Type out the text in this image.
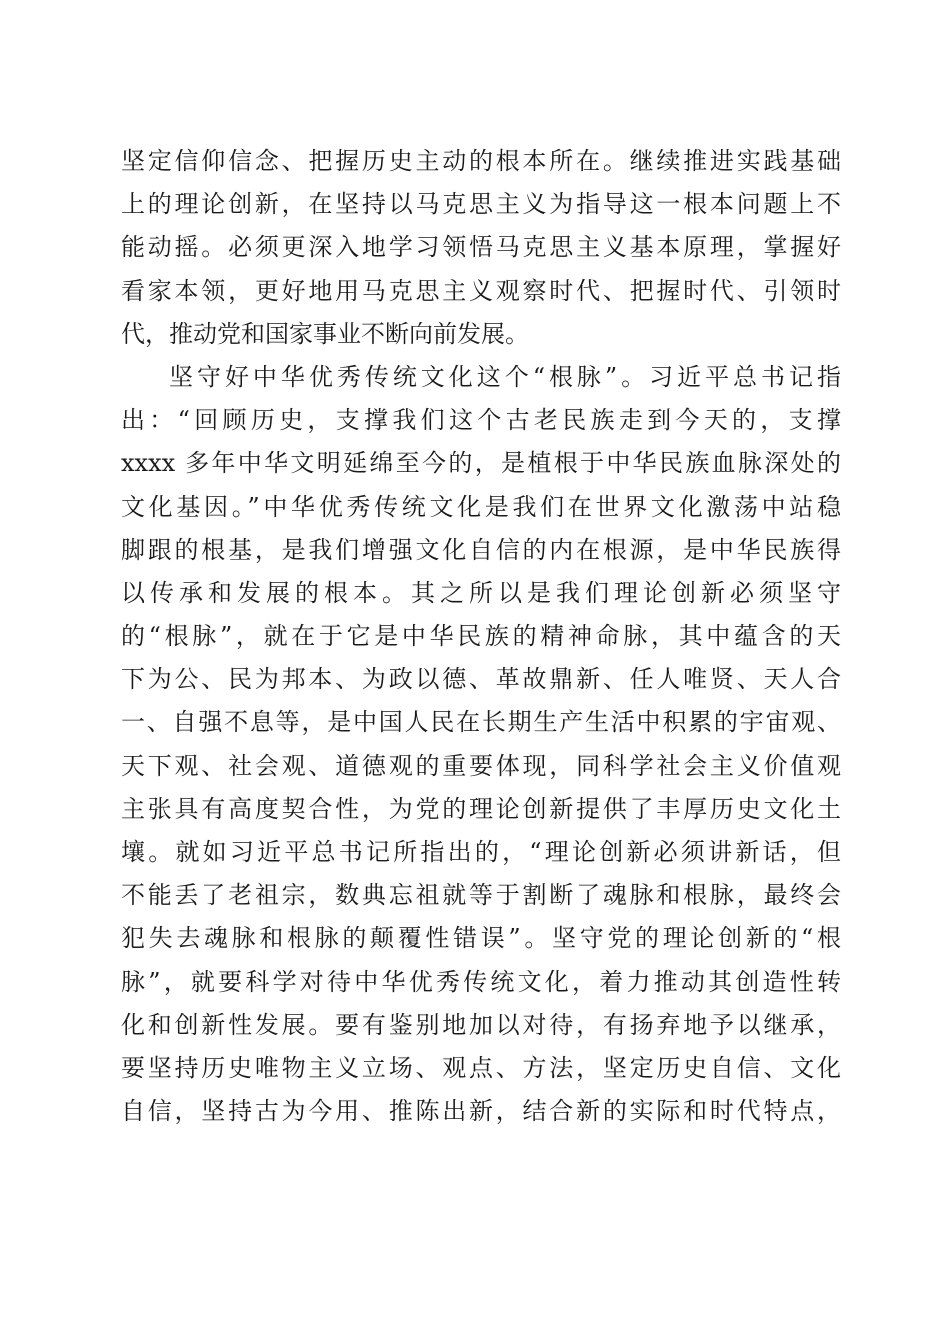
坚定信仰信念、把握历史主动的根本所在。继续推进实践基础
上的理论创新，在坚持以马克思主义为指导这一根本问题上不
能动摇。必须更深入地学习领悟马克思主义基本原理，掌握好
看家本领，更好地用马克思主义观察时代、把握时代、引领时
代，推动党和国家事业不断向前发展。
坚守好中华优秀传统文化这个“根脉”。习近平总书记指
出：“回顾历史，支撑我们这个古老民族走到今天的，支撑
xxxx 多年中华文明延绵至今的，是植根于中华民族血脉深处的
文化基因。”中华优秀传统文化是我们在世界文化激荡中站稳
脚跟的根基，是我们增强文化自信的内在根源，是中华民族得
以传承和发展的根本。其之所以是我们理论创新必须坚守
的“根脉”，就在于它是中华民族的精神命脉，其中蕴含的天
下为公、民为邦本、为政以德、革故鼎新、任人唯贤、天人合
一、自强不息等，是中国人民在长期生产生活中积累的宇宙观、
天下观、社会观、道德观的重要体现，同科学社会主义价值观
主张具有高度契合性，为党的理论创新提供了丰厚历史文化土
壤。就如习近平总书记所指出的，“理论创新必须讲新话，但
不能丢了老祖宗，数典忘祖就等于割断了魂脉和根脉，最终会
犯失去魂脉和根脉的颠覆性错误”。坚守党的理论创新的“根
脉”，就要科学对待中华优秀传统文化，着力推动其创造性转
化和创新性发展。要有鉴别地加以对待，有扬弃地予以继承，
要坚持历史唯物主义立场、观点、方法，坚定历史自信、文化
自信，坚持古为今用、推陈出新，结合新的实际和时代特点，
